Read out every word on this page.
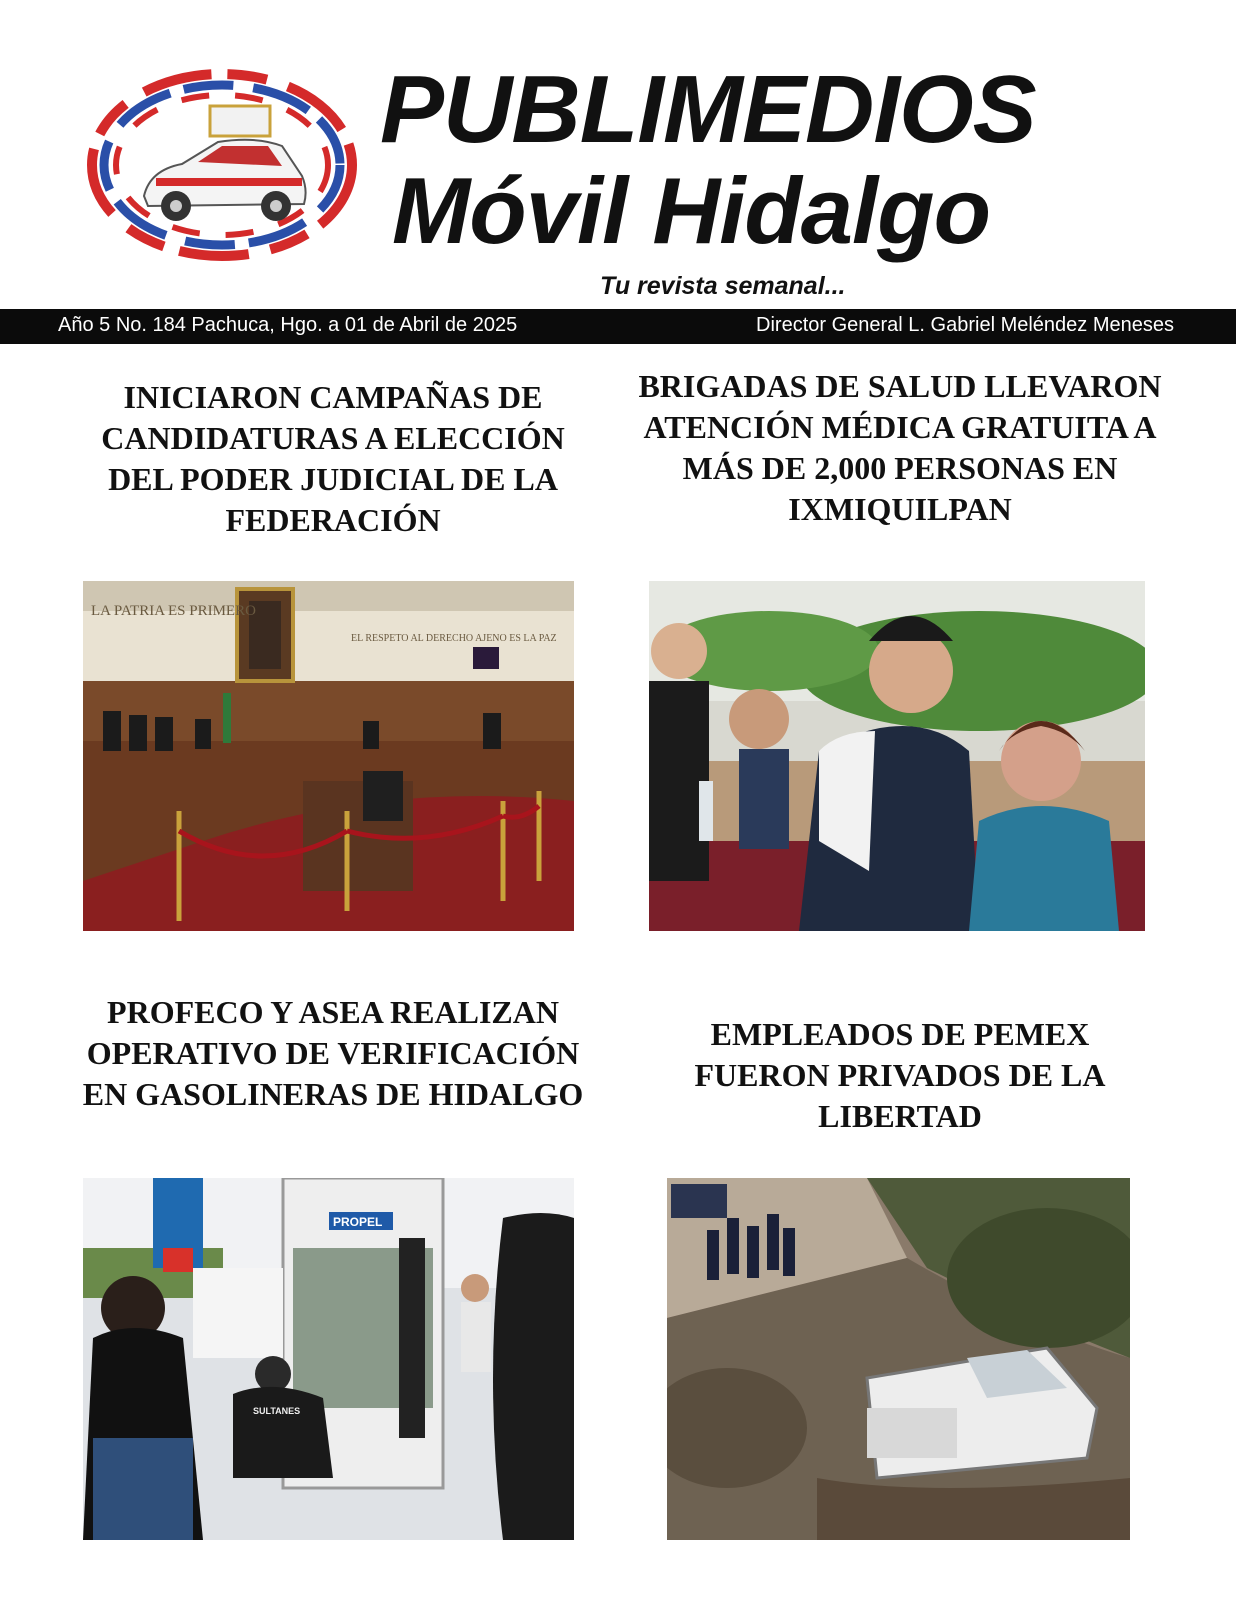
PUBLIMEDIOS
Móvil Hidalgo
Tu revista semanal...
Año 5 No. 184 Pachuca, Hgo. a 01 de Abril de 2025	Director General L. Gabriel Meléndez Meneses
INICIARON CAMPAÑAS DE CANDIDATURAS A ELECCIÓN DEL PODER JUDICIAL DE LA FEDERACIÓN
LA PATRIA ES PRIMERO
EL RESPETO AL DERECHO AJENO ES LA PAZ
BRIGADAS DE SALUD LLEVARON ATENCIÓN MÉDICA GRATUITA A MÁS DE 2,000 PERSONAS EN IXMIQUILPAN
PROFECO Y ASEA REALIZAN OPERATIVO DE VERIFICACIÓN EN GASOLINERAS DE HIDALGO
PROPEL
SULTANES
EMPLEADOS DE PEMEX FUERON PRIVADOS DE LA LIBERTAD
